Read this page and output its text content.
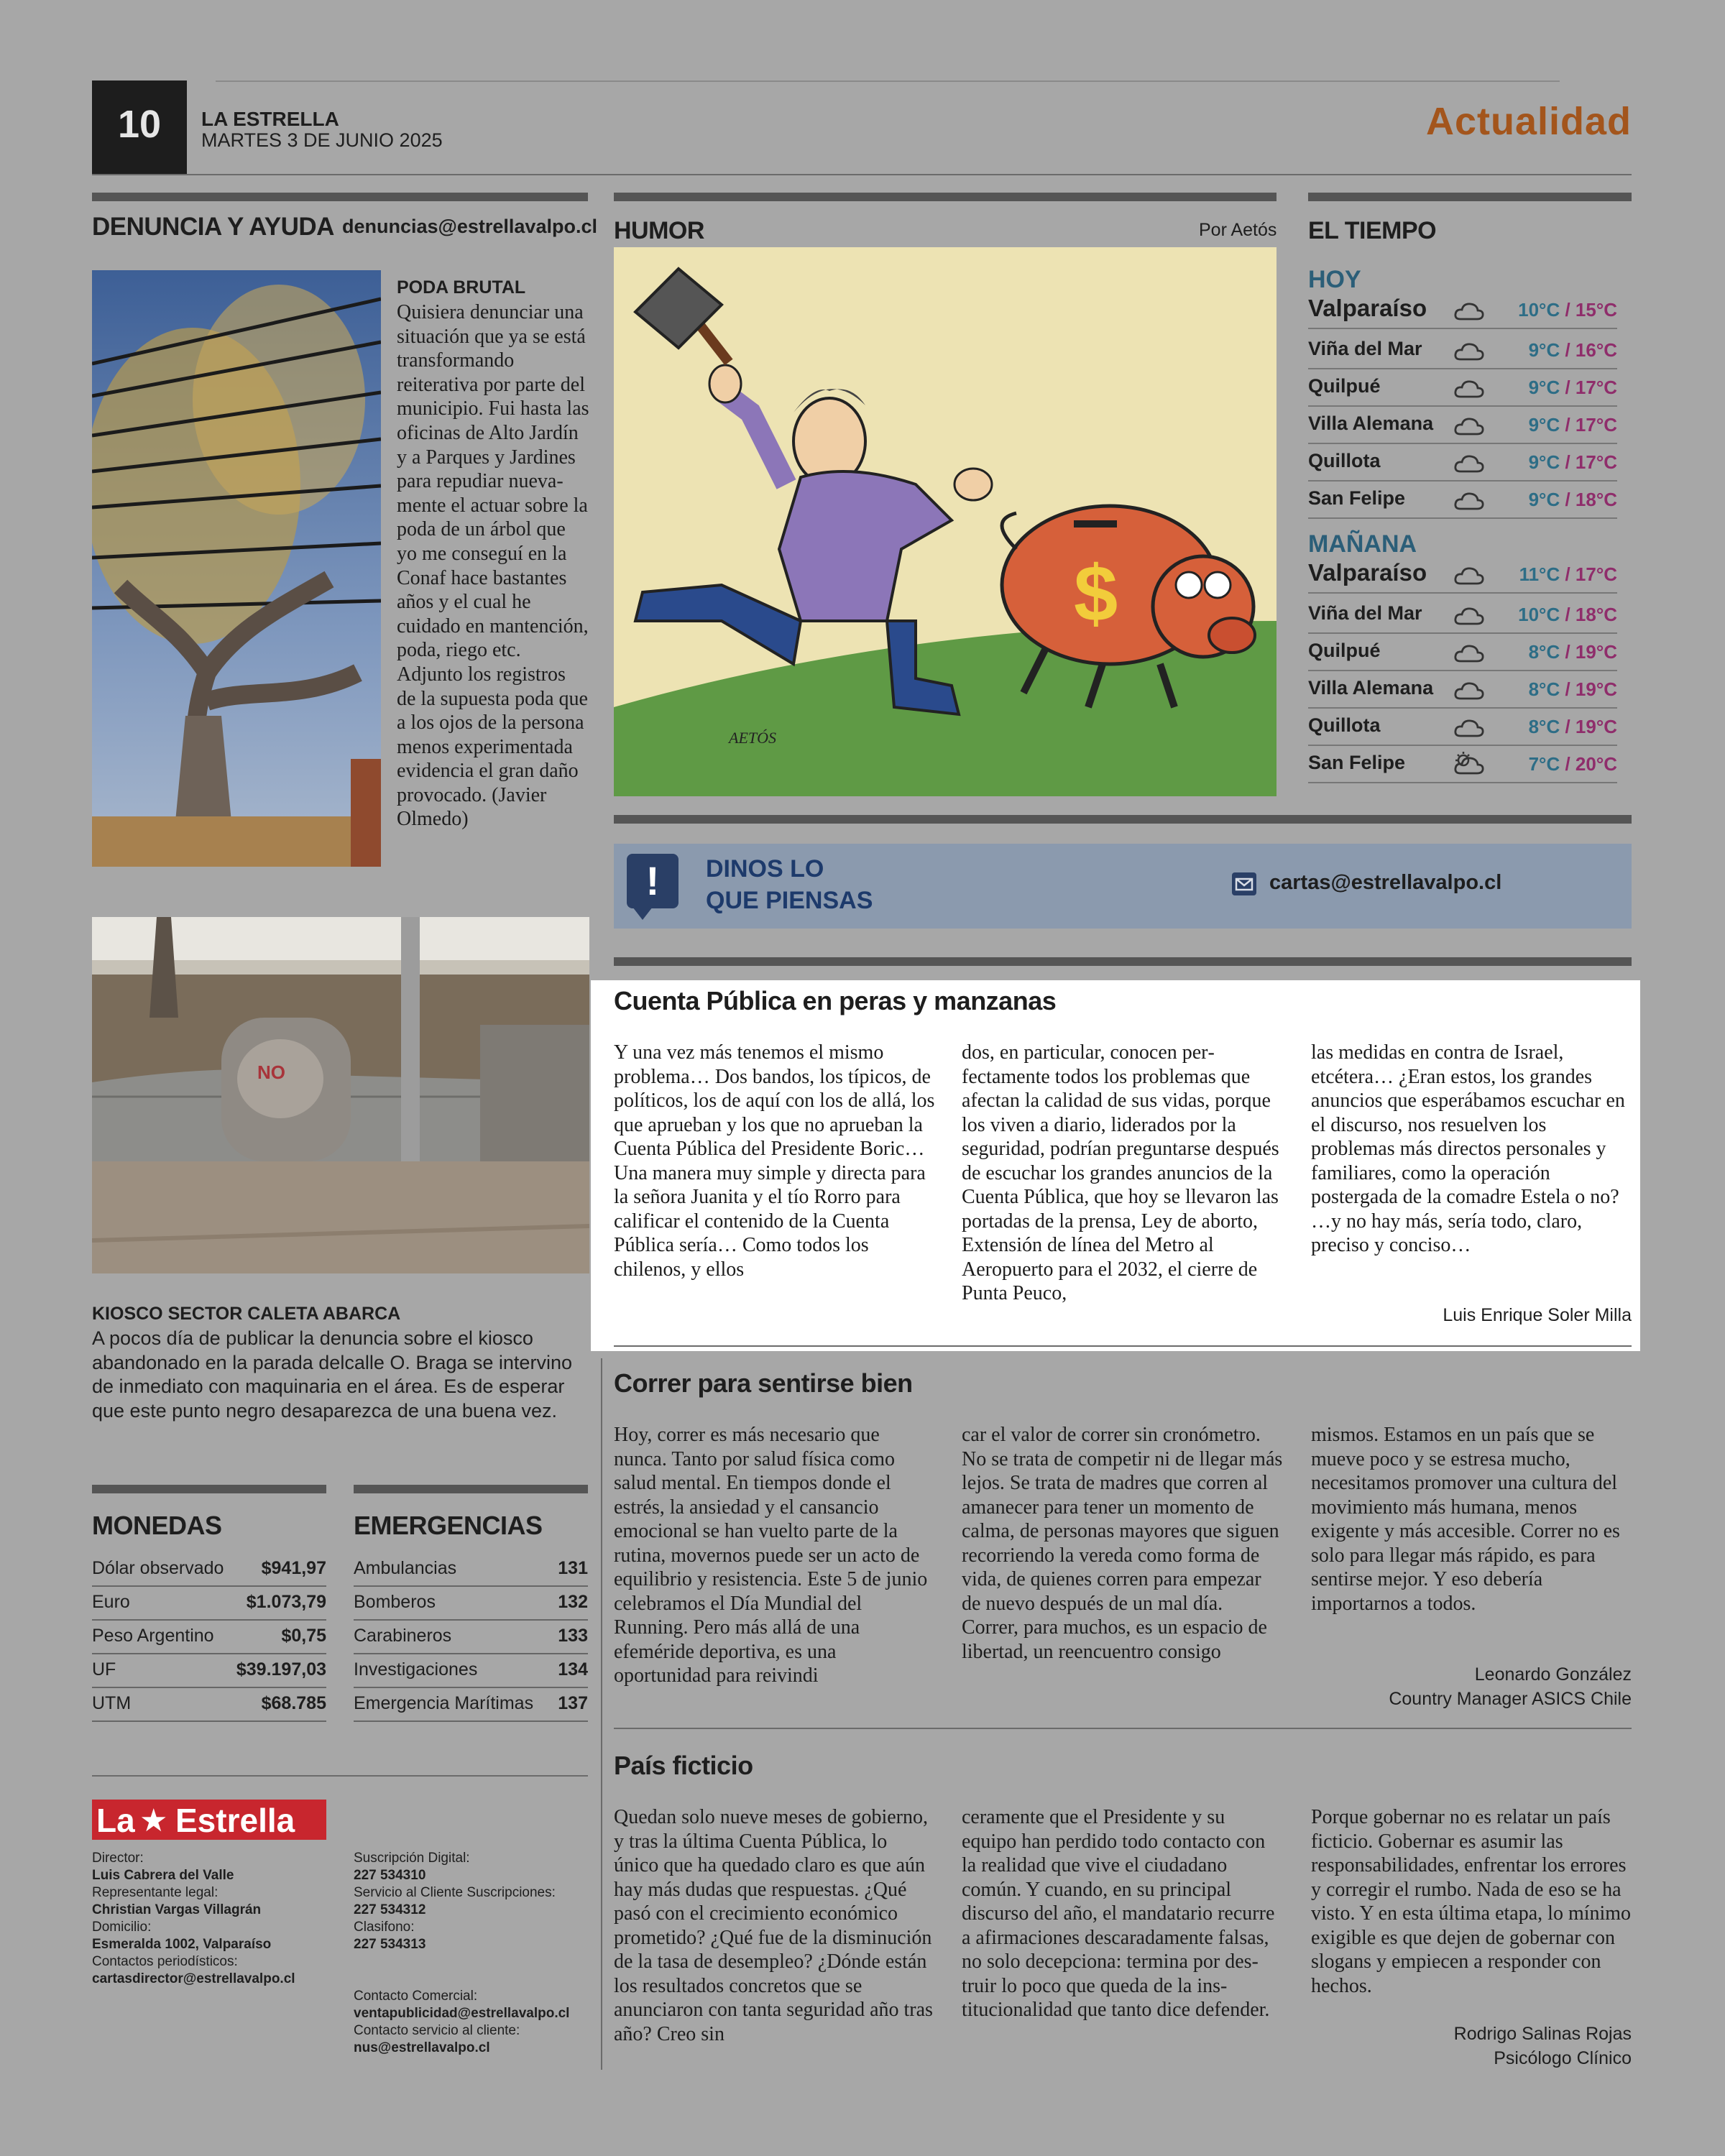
10	LA ESTRELLA
MARTES 3 DE JUNIO 2025	Actualidad
DENUNCIA Y AYUDA denuncias@estrellavalpo.cl
PODA BRUTAL
Quisiera denunciar una situación que ya se está transformando reiterativa por parte del municipio. Fui hasta las oficinas de Alto Jardín y a Parques y Jardines para repudiar nuevamente el actuar sobre la poda de un árbol que yo me conseguí en la Conaf hace bastantes años y el cual he cuidado en mantención, poda, riego etc. Adjunto los registros de la supuesta poda que a los ojos de la persona menos experimentada evidencia el gran daño provocado. (Javier Olmedo)
NO
KIOSCO SECTOR CALETA ABARCA
A pocos día de publicar la denuncia sobre el kiosco abandonado en la parada delcalle O. Braga se intervino de inmediato con maquinaria en el área. Es de esperar que este punto negro desaparezca de una buena vez.
MONEDAS
Dólar observado $941,97
Euro	$1.073,79
Peso Argentino	$0,75
UF	$39.197,03
UTM	$68.785
EMERGENCIAS
Ambulancias	131
Bomberos	132
Carabineros	133
Investigaciones	134
Emergencia Marítimas 137
La ★ Estrella
Director:
Luis Cabrera del Valle
Representante legal:
Christian Vargas Villagrán
Domicilio:
Esmeralda 1002, Valparaíso
Contactos periodísticos:
cartasdirector@estrellavalpo.cl
Suscripción Digital:
227 534310
Servicio al Cliente Suscripciones:
227 534312
Clasifono:
227 534313
Contacto Comercial:
ventapublicidad@estrellavalpo.cl
Contacto servicio al cliente:
nus@estrellavalpo.cl
HUMOR	Por Aetós
$
AETÓS
EL TIEMPO
HOY
Valparaíso	10°C / 15°C
Viña del Mar	9°C / 16°C
Quilpué	9°C / 17°C
Villa Alemana	9°C / 17°C
Quillota	9°C / 17°C
San Felipe	9°C / 18°C
MAÑANA
Valparaíso	11°C / 17°C
Viña del Mar	10°C / 18°C
Quilpué	8°C / 19°C
Villa Alemana	8°C / 19°C
Quillota	8°C / 19°C
San Felipe	7°C / 20°C
!	DINOS LO
QUE PIENSAS
cartas@estrellavalpo.cl
Cuenta Pública en peras y manzanas
Y una vez más tenemos el mismo problema… Dos bandos, los típicos, de políticos, los de aquí con los de allá, los que aprueban y los que no aprueban la Cuenta Pública del Presidente Boric… Una manera muy simple y directa para la señora Juanita y el tío Rorro para calificar el contenido de la Cuenta Pública sería… Como todos los chilenos, y ellos
dos, en particular, conocen perfectamente todos los problemas que afectan la calidad de sus vidas, porque los viven a diario, liderados por la seguridad, podrían preguntarse después de escuchar los grandes anuncios de la Cuenta Pública, que hoy se llevaron las portadas de la prensa, Ley de aborto, Extensión de línea del Metro al Aeropuerto para el 2032, el cierre de Punta Peuco,
las medidas en contra de Israel, etcétera… ¿Eran estos, los grandes anuncios que esperábamos escuchar en el discurso, nos resuelven los problemas más directos personales y familiares, como la operación postergada de la comadre Estela o no? …y no hay más, sería todo, claro, preciso y conciso…
Luis Enrique Soler Milla
Correr para sentirse bien
Hoy, correr es más necesario que nunca. Tanto por salud física como salud mental. En tiempos donde el estrés, la ansiedad y el cansancio emocional se han vuelto parte de la rutina, movernos puede ser un acto de equilibrio y resistencia. Este 5 de junio celebramos el Día Mundial del Running. Pero más allá de una efeméride deportiva, es una oportunidad para reivindi
car el valor de correr sin cronómetro. No se trata de competir ni de llegar más lejos. Se trata de madres que corren al amanecer para tener un momento de calma, de personas mayores que siguen recorriendo la vereda como forma de vida, de quienes corren para empezar de nuevo después de un mal día. Correr, para muchos, es un espacio de libertad, un reencuentro consigo
mismos. Estamos en un país que se mueve poco y se estresa mucho, necesitamos promover una cultura del movimiento más humana, menos exigente y más accesible. Correr no es solo para llegar más rápido, es para sentirse mejor. Y eso debería importarnos a todos.
Leonardo González
Country Manager ASICS Chile
País ficticio
Quedan solo nueve meses de gobierno, y tras la última Cuenta Pública, lo único que ha quedado claro es que aún hay más dudas que respuestas. ¿Qué pasó con el crecimiento económico prometido? ¿Qué fue de la disminución de la tasa de desempleo? ¿Dónde están los resultados concretos que se anunciaron con tanta seguridad año tras año? Creo sin
ceramente que el Presidente y su equipo han perdido todo contacto con la realidad que vive el ciudadano común. Y cuando, en su principal discurso del año, el mandatario recurre a afirmaciones descaradamente falsas, no solo decepciona: termina por destruir lo poco que queda de la institucionalidad que tanto dice defender.
Porque gobernar no es relatar un país ficticio. Gobernar es asumir las responsabilidades, enfrentar los errores y corregir el rumbo. Nada de eso se ha visto. Y en esta última etapa, lo mínimo exigible es que dejen de gobernar con slogans y empiecen a responder con hechos.
Rodrigo Salinas Rojas
Psicólogo Clínico
